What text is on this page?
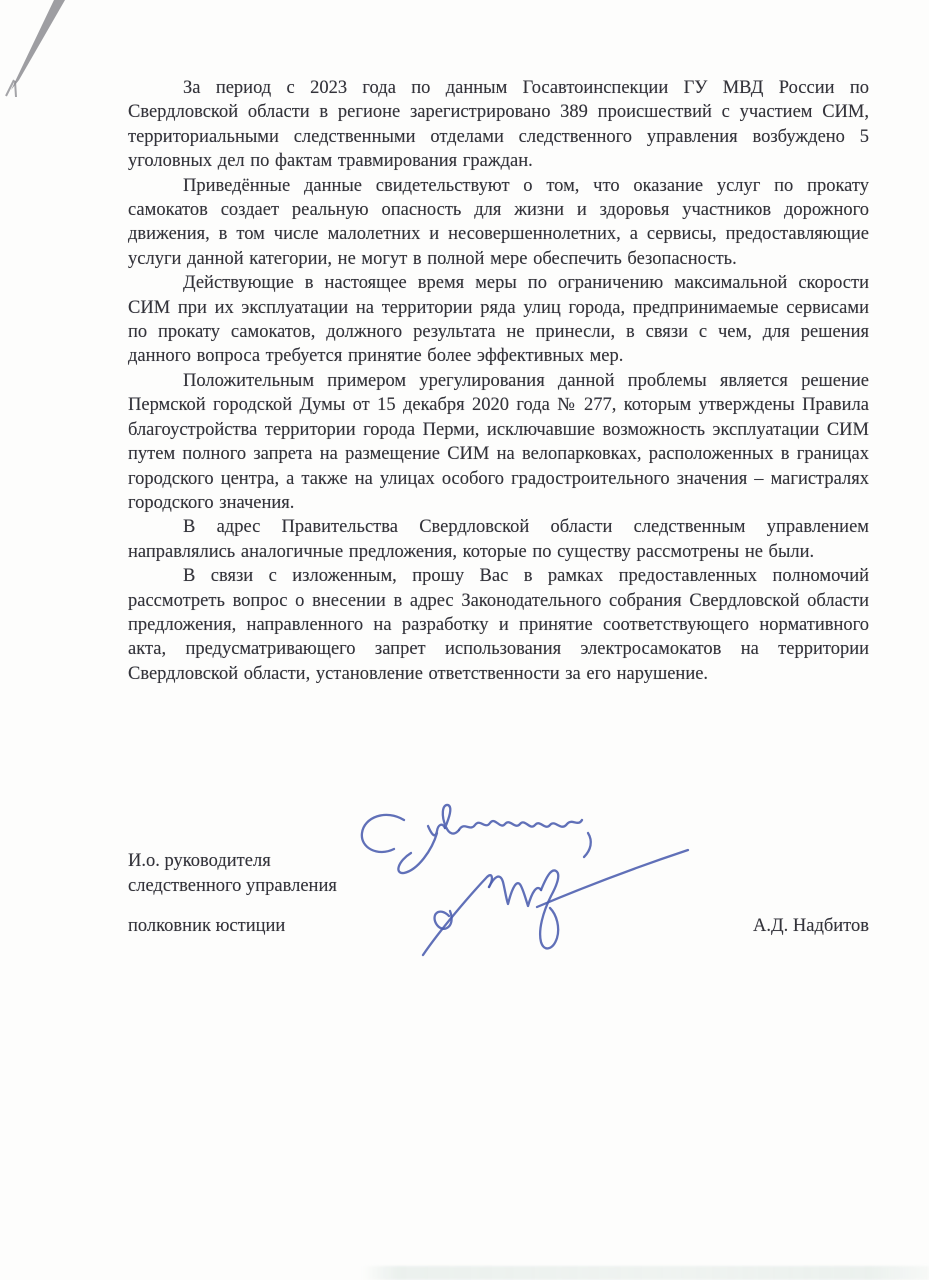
За период с 2023 года по данным Госавтоинспекции ГУ МВД России по Свердловской области в регионе зарегистрировано 389 происшествий с участием СИМ, территориальными следственными отделами следственного управления возбуждено 5 уголовных дел по фактам травмирования граждан.

Приведённые данные свидетельствуют о том, что оказание услуг по прокату самокатов создает реальную опасность для жизни и здоровья участников дорожного движения, в том числе малолетних и несовершеннолетних, а сервисы, предоставляющие услуги данной категории, не могут в полной мере обеспечить безопасность.

Действующие в настоящее время меры по ограничению максимальной скорости СИМ при их эксплуатации на территории ряда улиц города, предпринимаемые сервисами по прокату самокатов, должного результата не принесли, в связи с чем, для решения данного вопроса требуется принятие более эффективных мер.

Положительным примером урегулирования данной проблемы является решение Пермской городской Думы от 15 декабря 2020 года № 277, которым утверждены Правила благоустройства территории города Перми, исключавшие возможность эксплуатации СИМ путем полного запрета на размещение СИМ на велопарковках, расположенных в границах городского центра, а также на улицах особого градостроительного значения – магистралях городского значения.

В адрес Правительства Свердловской области следственным управлением направлялись аналогичные предложения, которые по существу рассмотрены не были.

В связи с изложенным, прошу Вас в рамках предоставленных полномочий рассмотреть вопрос о внесении в адрес Законодательного собрания Свердловской области предложения, направленного на разработку и принятие соответствующего нормативного акта, предусматривающего запрет использования электросамокатов на территории Свердловской области, установление ответственности за его нарушение.

И.о. руководителя
следственного управления
полковник юстиции	А.Д. Надбитов
